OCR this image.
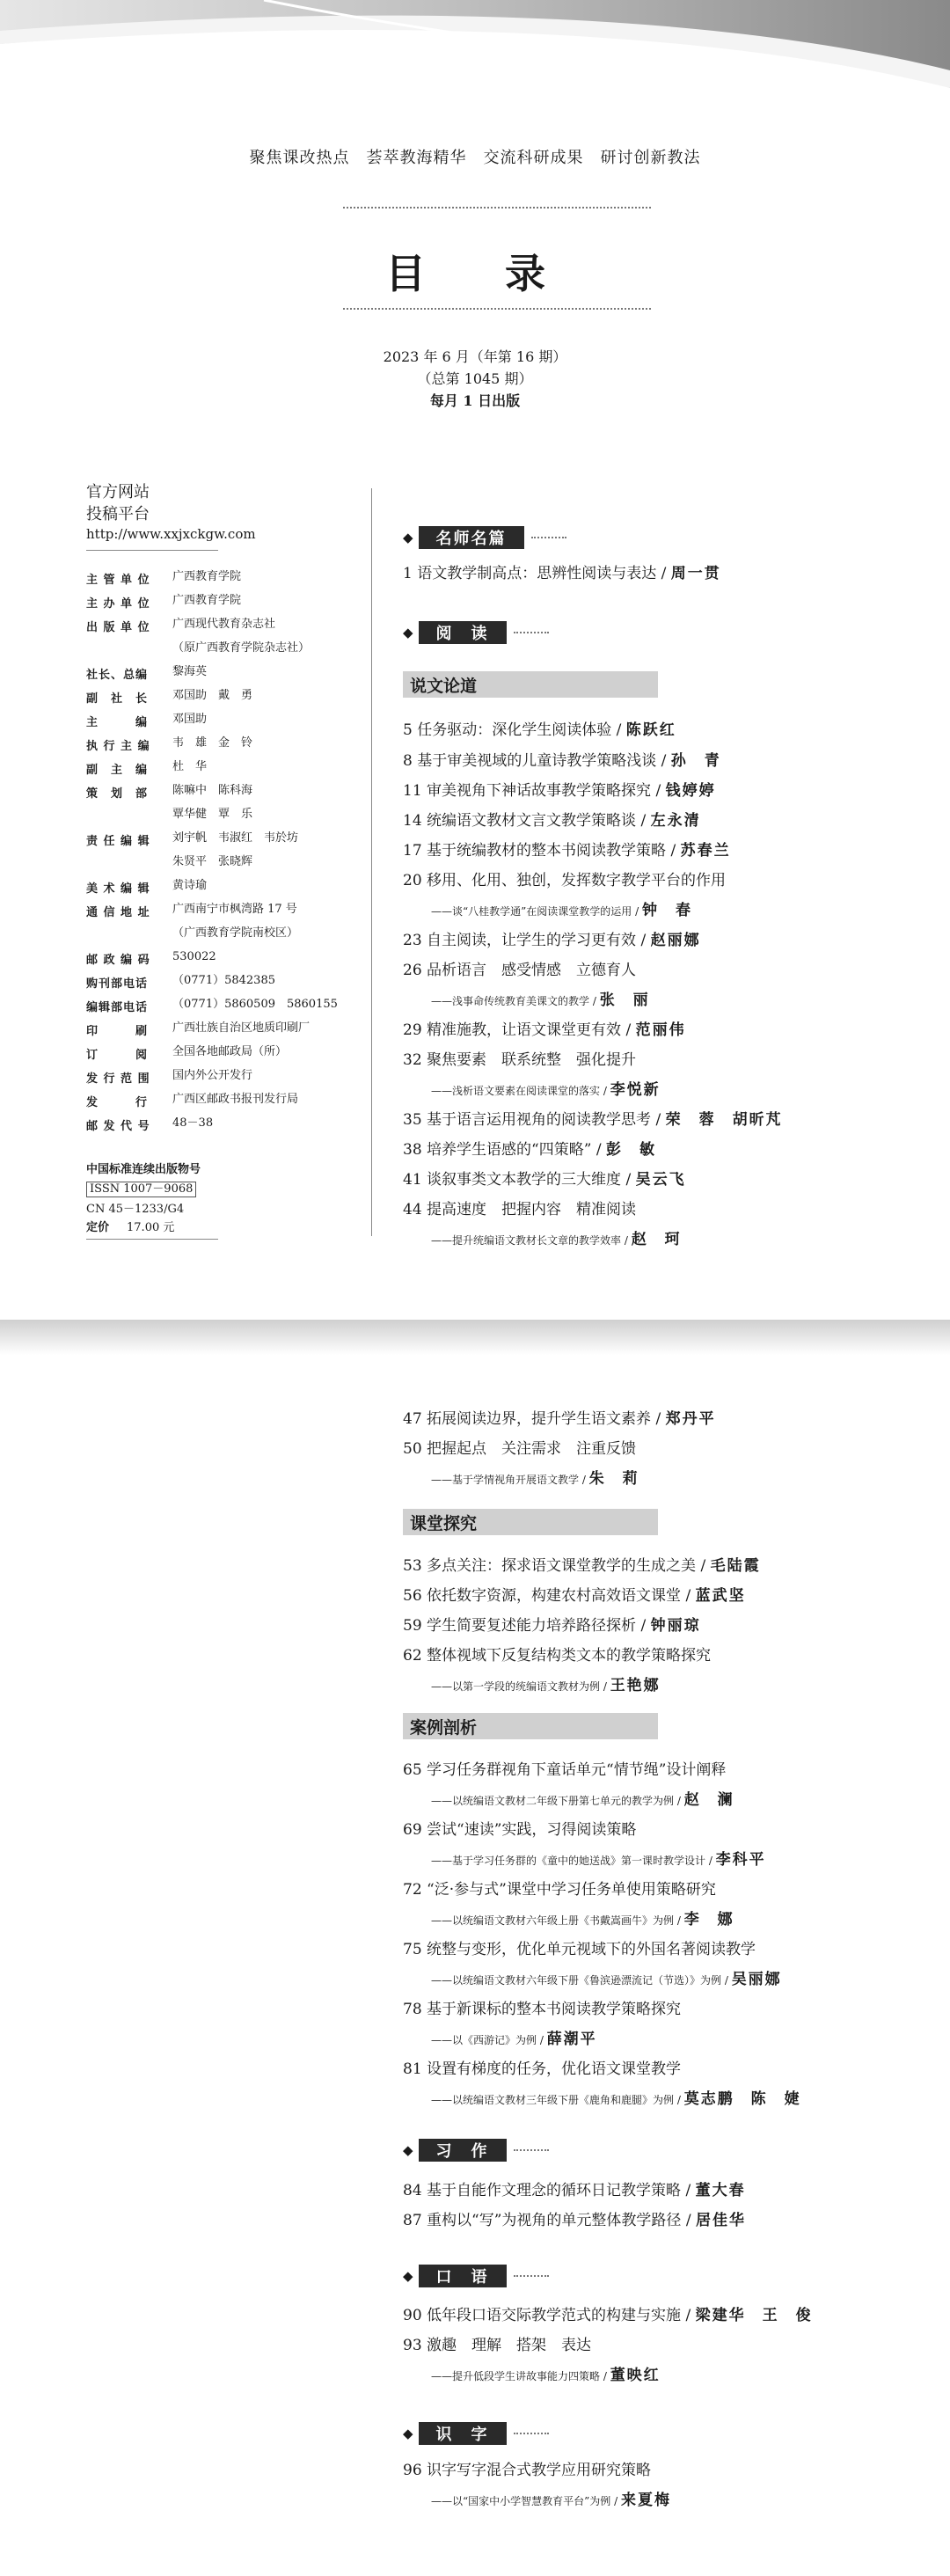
聚焦课改热点　荟萃教海精华　交流科研成果　研讨创新教法
目　录
2023 年 6 月（年第 16 期）
（总第 1045 期）
每月 1 日出版
官方网站
投稿平台
http://www.xxjxckgw.com
主 管 单 位 广西教育学院
主 办 单 位 广西教育学院
出 版 单 位 广西现代教育杂志社
（原广西教育学院杂志社）
社长、总编 黎海英
副　社　长 邓国助　戴　勇
主　　　编 邓国助
执 行 主 编 韦　雄　金　铃
副　主　编 杜　华
策　划　部 陈嘛中　陈科海
覃华健　覃　乐
责 任 编 辑 刘宇帆　韦淑红　韦於坊
朱贤平　张晓辉
美 术 编 辑 黄诗瑜
通 信 地 址 广西南宁市枫湾路 17 号
（广西教育学院南校区）
邮 政 编 码 530022
购刊部电话 （0771）5842385
编辑部电话 （0771）5860509　5860155
印　　　刷 广西壮族自治区地质印刷厂
订　　　阅 全国各地邮政局（所）
发 行 范 围 国内外公开发行
发　　　行 广西区邮政书报刊发行局
邮 发 代 号 48－38
中国标准连续出版物号
ISSN 1007－9068
CN 45－1233/G4
定价 17.00 元
◆	名师名篇
1 语文教学制高点：思辨性阅读与表达 / 周一贯
◆	阅　读
说文论道
5 任务驱动：深化学生阅读体验 / 陈跃红
8 基于审美视域的儿童诗教学策略浅谈 / 孙　青
11 审美视角下神话故事教学策略探究 / 钱婷婷
14 统编语文教材文言文教学策略谈 / 左永清
17 基于统编教材的整本书阅读教学策略 / 苏春兰
20 移用、化用、独创，发挥数字教学平台的作用
——谈“八桂教学通”在阅读课堂教学的运用 / 钟　春
23 自主阅读，让学生的学习更有效 / 赵丽娜
26 品析语言　感受情感　立德育人
——浅事命传统教育美课文的教学 / 张　丽
29 精准施教，让语文课堂更有效 / 范丽伟
32 聚焦要素　联系统整　强化提升
——浅析语文要素在阅读课堂的落实 / 李悦新
35 基于语言运用视角的阅读教学思考 / 荣　蓉　胡昕芃
38 培养学生语感的“四策略” / 彭　敏
41 谈叙事类文本教学的三大维度 / 吴云飞
44 提高速度　把握内容　精准阅读
——提升统编语文教材长文章的教学效率 / 赵　珂
47 拓展阅读边界，提升学生语文素养 / 郑丹平
50 把握起点　关注需求　注重反馈
——基于学情视角开展语文教学 / 朱　莉
课堂探究
53 多点关注：探求语文课堂教学的生成之美 / 毛陆霞
56 依托数字资源，构建农村高效语文课堂 / 蓝武坚
59 学生简要复述能力培养路径探析 / 钟丽琼
62 整体视域下反复结构类文本的教学策略探究
——以第一学段的统编语文教材为例 / 王艳娜
案例剖析
65 学习任务群视角下童话单元“情节绳”设计阐释
——以统编语文教材二年级下册第七单元的教学为例 / 赵　澜
69 尝试“速读”实践，习得阅读策略
——基于学习任务群的《童中的她送战》第一课时教学设计 / 李科平
72 “泛·参与式”课堂中学习任务单使用策略研究
——以统编语文教材六年级上册《书戴嵩画牛》为例 / 李　娜
75 统整与变形，优化单元视域下的外国名著阅读教学
——以统编语文教材六年级下册《鲁滨逊漂流记（节选）》为例 / 吴丽娜
78 基于新课标的整本书阅读教学策略探究
——以《西游记》为例 / 薛潮平
81 设置有梯度的任务，优化语文课堂教学
——以统编语文教材三年级下册《鹿角和鹿腿》为例 / 莫志鹏　陈　婕
◆	习　作
84 基于自能作文理念的循环日记教学策略 / 董大春
87 重构以“写”为视角的单元整体教学路径 / 居佳华
◆	口　语
90 低年段口语交际教学范式的构建与实施 / 梁建华　王　俊
93 激趣　理解　搭架　表达
——提升低段学生讲故事能力四策略 / 董映红
◆	识　字
96 识字写字混合式教学应用研究策略
——以“国家中小学智慧教育平台”为例 / 来夏梅
